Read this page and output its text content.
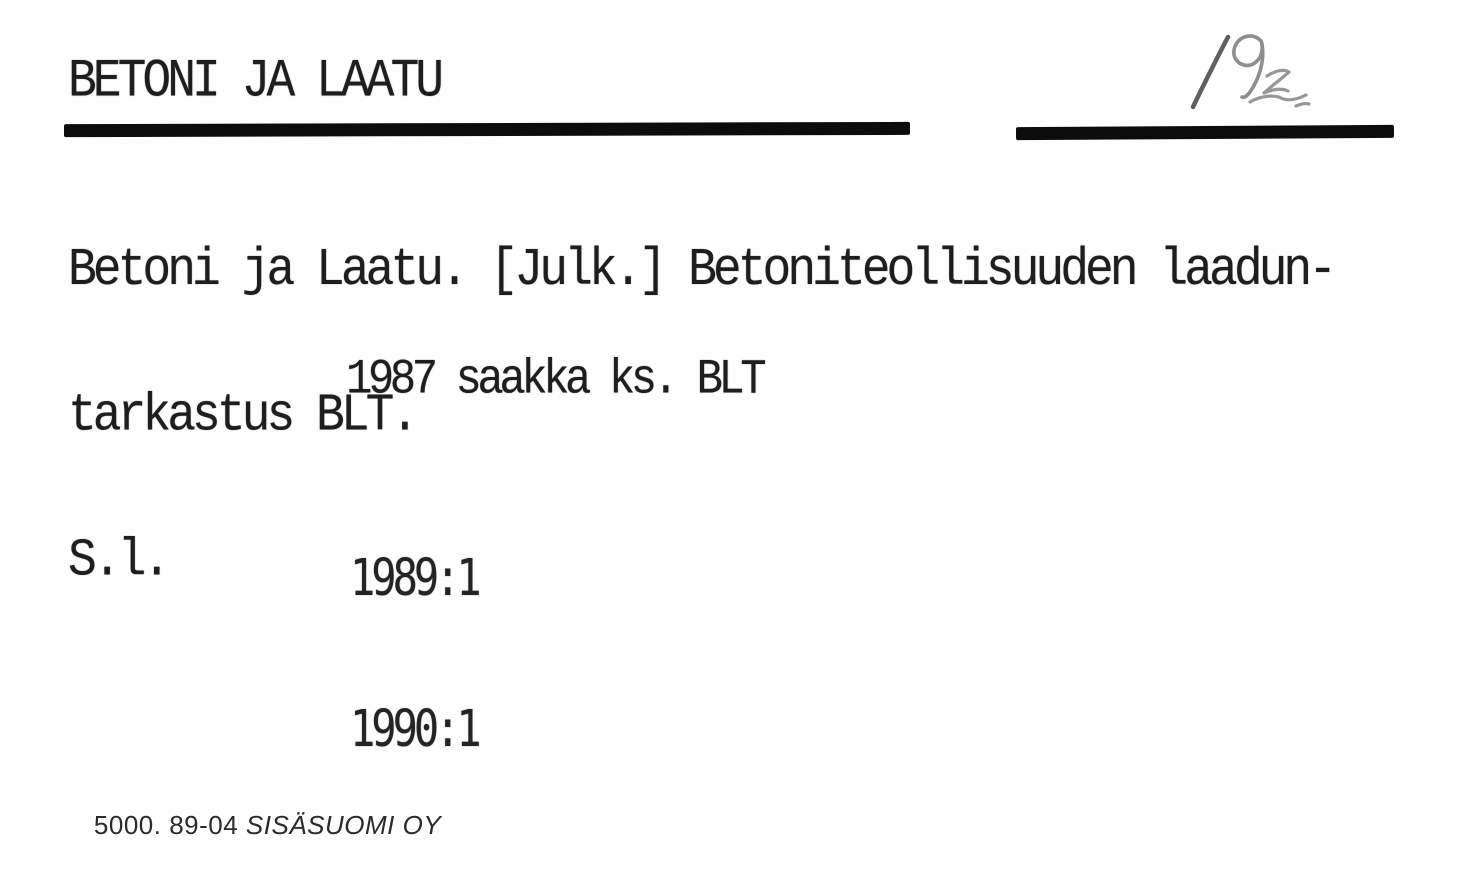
BETONI JA LAATU

Betoni ja Laatu. [Julk.] Betoniteollisuuden laadun-

tarkastus BLT.

S.l.

1987 saakka ks. BLT

1989:1

1990:1

5000. 89-04 SISÄSUOMI OY
